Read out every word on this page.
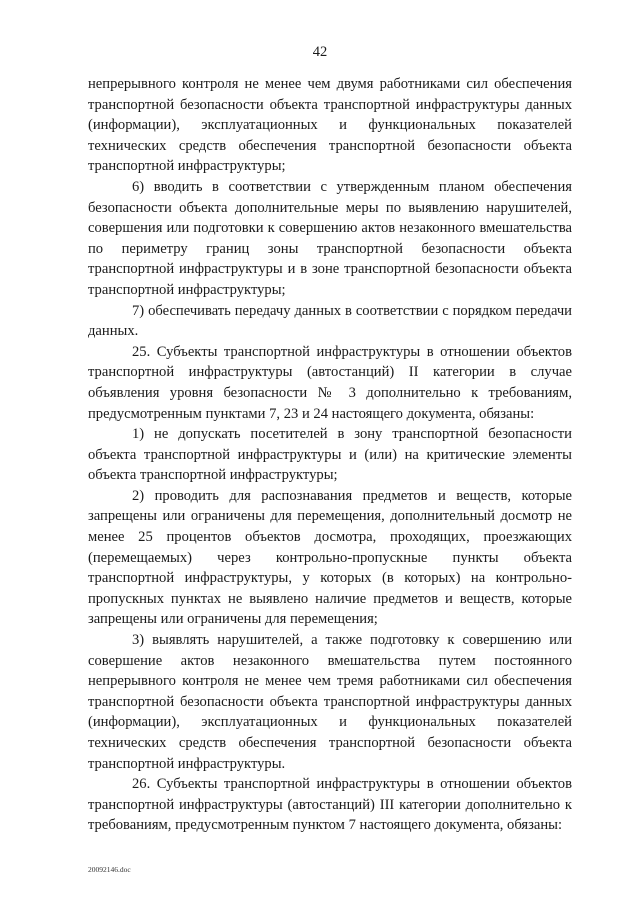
42

непрерывного контроля не менее чем двумя работниками сил обеспечения транспортной безопасности объекта транспортной инфраструктуры данных (информации), эксплуатационных и функциональных показателей технических средств обеспечения транспортной безопасности объекта транспортной инфраструктуры;

6) вводить в соответствии с утвержденным планом обеспечения безопасности объекта дополнительные меры по выявлению нарушителей, совершения или подготовки к совершению актов незаконного вмешательства по периметру границ зоны транспортной безопасности объекта транспортной инфраструктуры и в зоне транспортной безопасности объекта транспортной инфраструктуры;

7) обеспечивать передачу данных в соответствии с порядком передачи данных.

25. Субъекты транспортной инфраструктуры в отношении объектов транспортной инфраструктуры (автостанций) II категории в случае объявления уровня безопасности № 3 дополнительно к требованиям, предусмотренным пунктами 7, 23 и 24 настоящего документа, обязаны:

1) не допускать посетителей в зону транспортной безопасности объекта транспортной инфраструктуры и (или) на критические элементы объекта транспортной инфраструктуры;

2) проводить для распознавания предметов и веществ, которые запрещены или ограничены для перемещения, дополнительный досмотр не менее 25 процентов объектов досмотра, проходящих, проезжающих (перемещаемых) через контрольно-пропускные пункты объекта транспортной инфраструктуры, у которых (в которых) на контрольно-пропускных пунктах не выявлено наличие предметов и веществ, которые запрещены или ограничены для перемещения;

3) выявлять нарушителей, а также подготовку к совершению или совершение актов незаконного вмешательства путем постоянного непрерывного контроля не менее чем тремя работниками сил обеспечения транспортной безопасности объекта транспортной инфраструктуры данных (информации), эксплуатационных и функциональных показателей технических средств обеспечения транспортной безопасности объекта транспортной инфраструктуры.

26. Субъекты транспортной инфраструктуры в отношении объектов транспортной инфраструктуры (автостанций) III категории дополнительно к требованиям, предусмотренным пунктом 7 настоящего документа, обязаны:

20092146.doc
